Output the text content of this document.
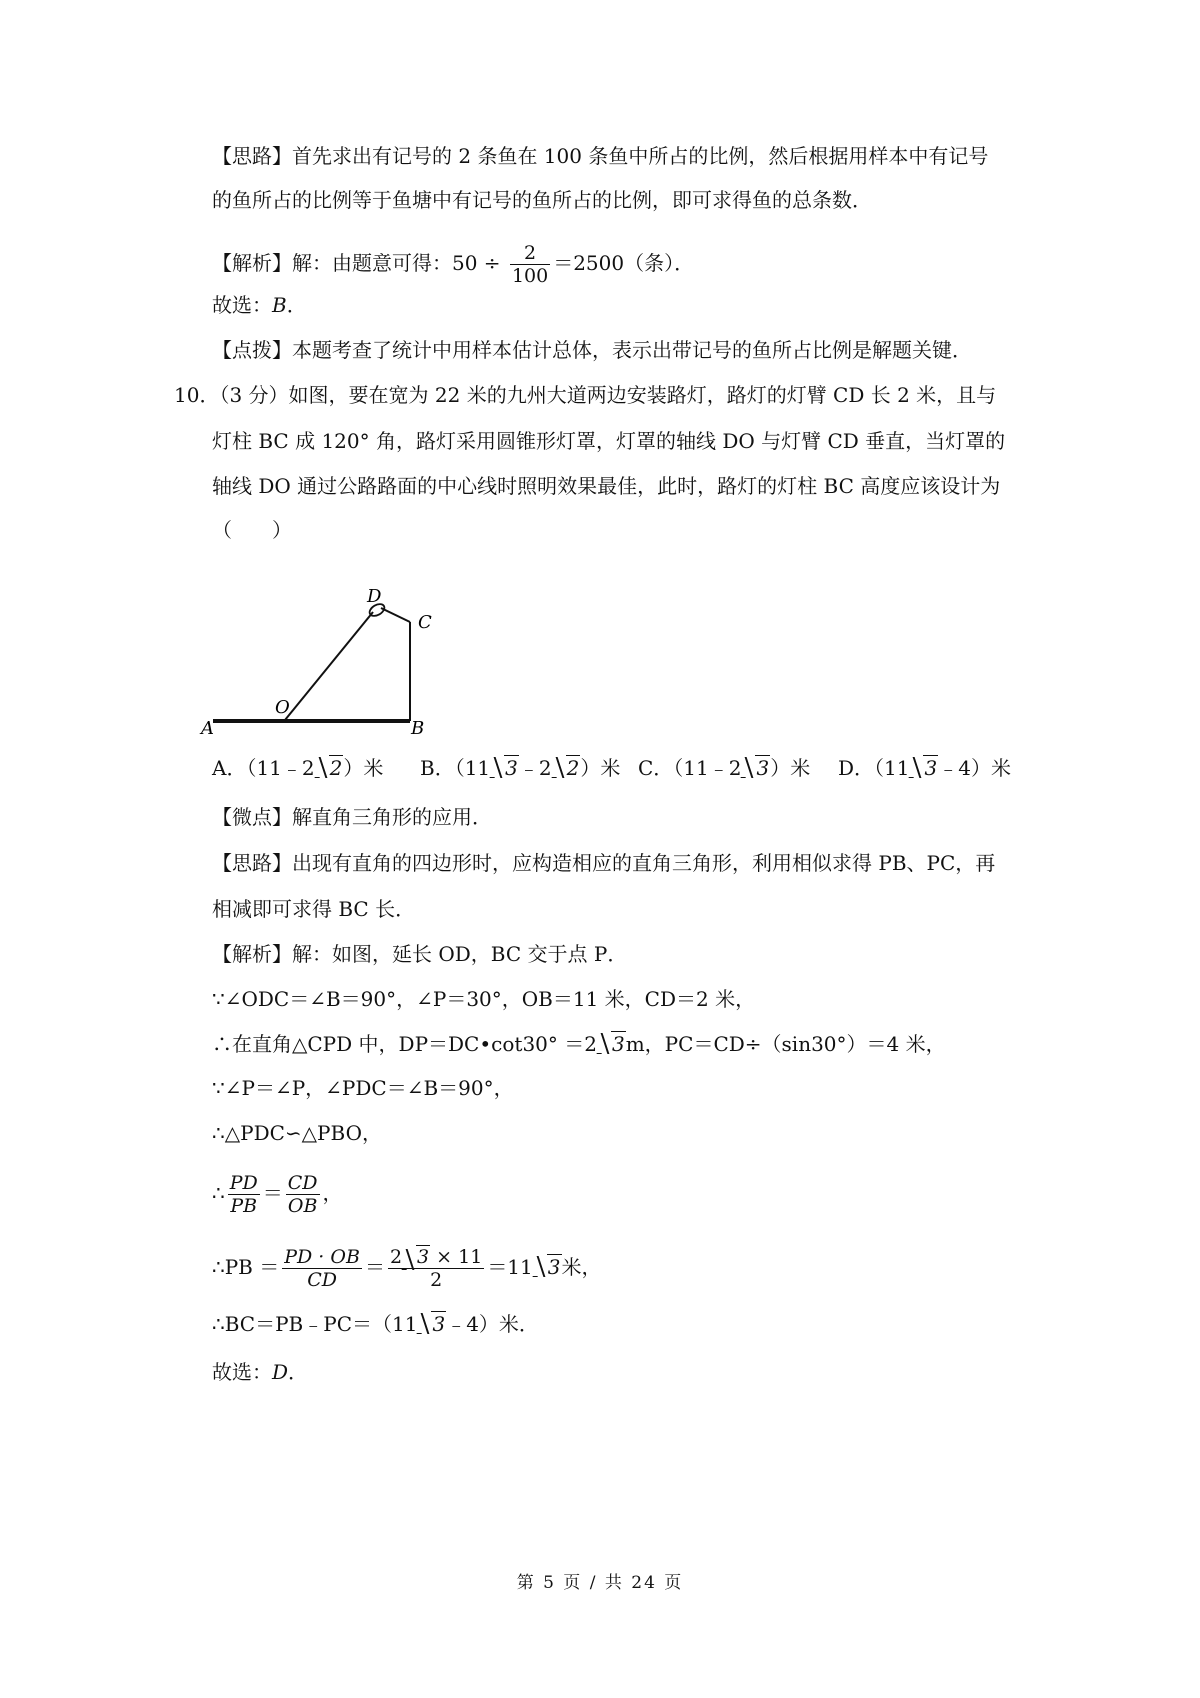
【思路】首先求出有记号的 2 条鱼在 100 条鱼中所占的比例，然后根据用样本中有记号
的鱼所占的比例等于鱼塘中有记号的鱼所占的比例，即可求得鱼的总条数．
【解析】解：由题意可得：$50 \div \frac{2}{100} =2500$（条）．
故选：B．
【点拨】本题考查了统计中用样本估计总体，表示出带记号的鱼所占比例是解题关键．
10．（3 分）如图，要在宽为 22 米的九州大道两边安装路灯，路灯的灯臂 CD 长 2 米，且与
灯柱 BC 成 120° 角，路灯采用圆锥形灯罩，灯罩的轴线 DO 与灯臂 CD 垂直，当灯罩的
轴线 DO 通过公路路面的中心线时照明效果最佳，此时，路灯的灯柱 BC 高度应该设计为
（　　）
D
C
O
A	B
A．（11﹣2 2）米 B．（11 3﹣2 2）米 C．（11﹣2 3）米 D．（11 3﹣4）米
【微点】解直角三角形的应用．
【思路】出现有直角的四边形时，应构造相应的直角三角形，利用相似求得 PB、PC，再
相减即可求得 BC 长．
【解析】解：如图，延长 OD，BC 交于点 P．
∵∠ODC＝∠B＝90°，∠P＝30°，OB＝11 米，CD＝2 米，
∴在直角△CPD 中，DP＝DC•cot30° ＝2 3m，PC＝CD÷（sin30°）＝4 米，
∵∠P＝∠P，∠PDC＝∠B＝90°，
∴△PDC∽△PBO，
∴ $\frac{PD}{PB} = \frac{CD}{OB}$ ，
∴PB ＝ $\frac{PD \cdot OB}{CD} = \frac{2 3 \times 11}{2} =11$ 3米，
∴BC＝PB﹣PC＝（11 3﹣4）米．
故选：D．
第 5 页 / 共 24 页
